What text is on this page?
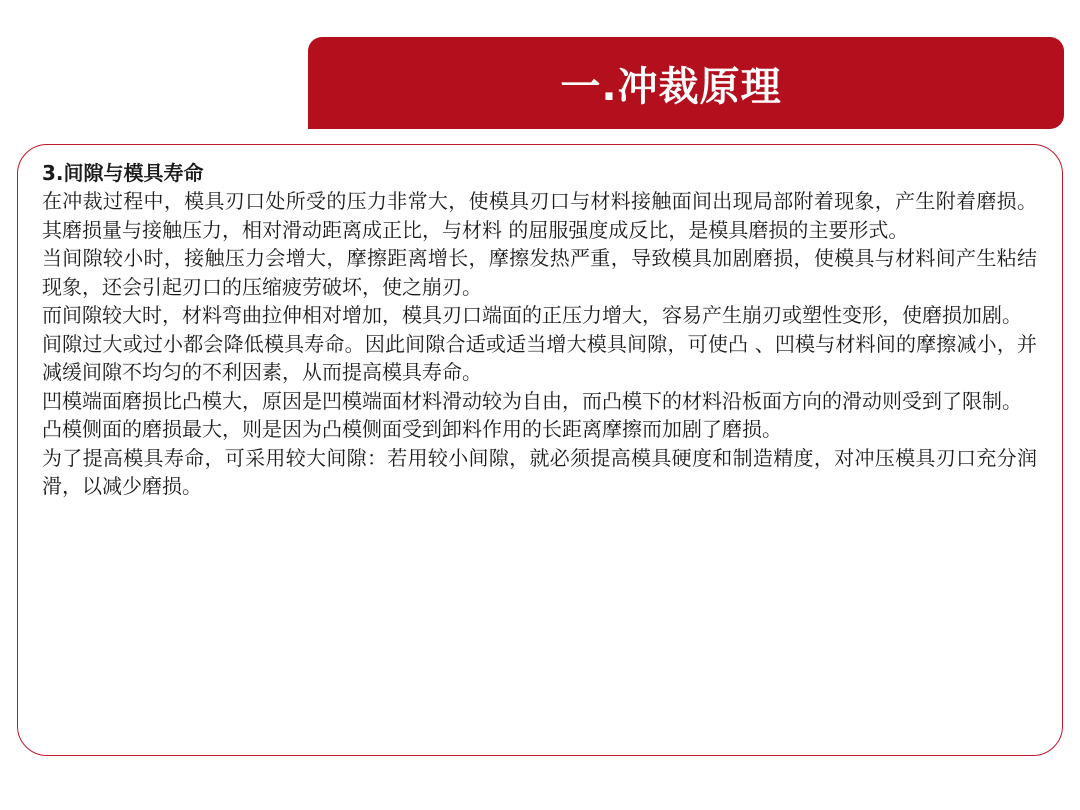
一.冲裁原理

3.间隙与模具寿命

在冲裁过程中，模具刃口处所受的压力非常大，使模具刃口与材料接触面间出现局部附着现象，产生附着磨损。其磨损量与接触压力，相对滑动距离成正比，与材料 的屈服强度成反比，是模具磨损的主要形式。

当间隙较小时，接触压力会增大，摩擦距离增长，摩擦发热严重，导致模具加剧磨损，使模具与材料间产生粘结现象，还会引起刃口的压缩疲劳破坏，使之崩刃。

而间隙较大时，材料弯曲拉伸相对增加，模具刃口端面的正压力增大，容易产生崩刃或塑性变形，使磨损加剧。

间隙过大或过小都会降低模具寿命。因此间隙合适或适当增大模具间隙，可使凸 、凹模与材料间的摩擦减小，并减缓间隙不均匀的不利因素，从而提高模具寿命。

凹模端面磨损比凸模大，原因是凹模端面材料滑动较为自由，而凸模下的材料沿板面方向的滑动则受到了限制。

凸模侧面的磨损最大，则是因为凸模侧面受到卸料作用的长距离摩擦而加剧了磨损。

为了提高模具寿命，可采用较大间隙：若用较小间隙，就必须提高模具硬度和制造精度，对冲压模具刃口充分润滑，以减少磨损。
